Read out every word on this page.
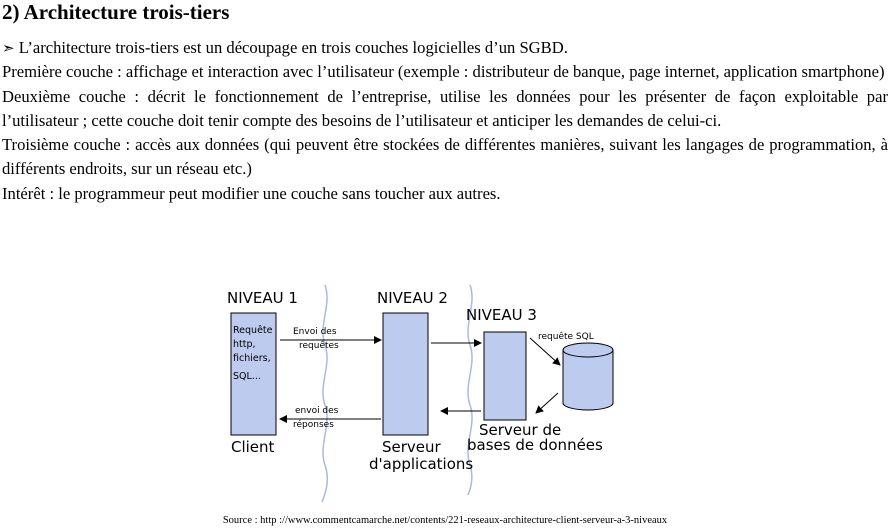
2) Architecture trois-tiers

➣ L’architecture trois-tiers est un découpage en trois couches logicielles d’un SGBD.

Première couche : affichage et interaction avec l’utilisateur (exemple : distributeur de banque, page internet, application smartphone)

Deuxième couche : décrit le fonctionnement de l’entreprise, utilise les données pour les présenter de façon exploitable par l’utilisateur ; cette couche doit tenir compte des besoins de l’utilisateur et anticiper les demandes de celui-ci.

Troisième couche : accès aux données (qui peuvent être stockées de différentes manières, suivant les langages de programmation, à différents endroits, sur un réseau etc.)

Intérêt : le programmeur peut modifier une couche sans toucher aux autres.

NIVEAU 1	NIVEAU 2
NIVEAU 3
Requête
http,
fichiers,
SQL...
Envoi des
requêtes
envoi des
réponses
requête SQL
Client	Serveur
d'applications
Serveur de
bases de données
Source : http ://www.commentcamarche.net/contents/221-reseaux-architecture-client-serveur-a-3-niveaux
